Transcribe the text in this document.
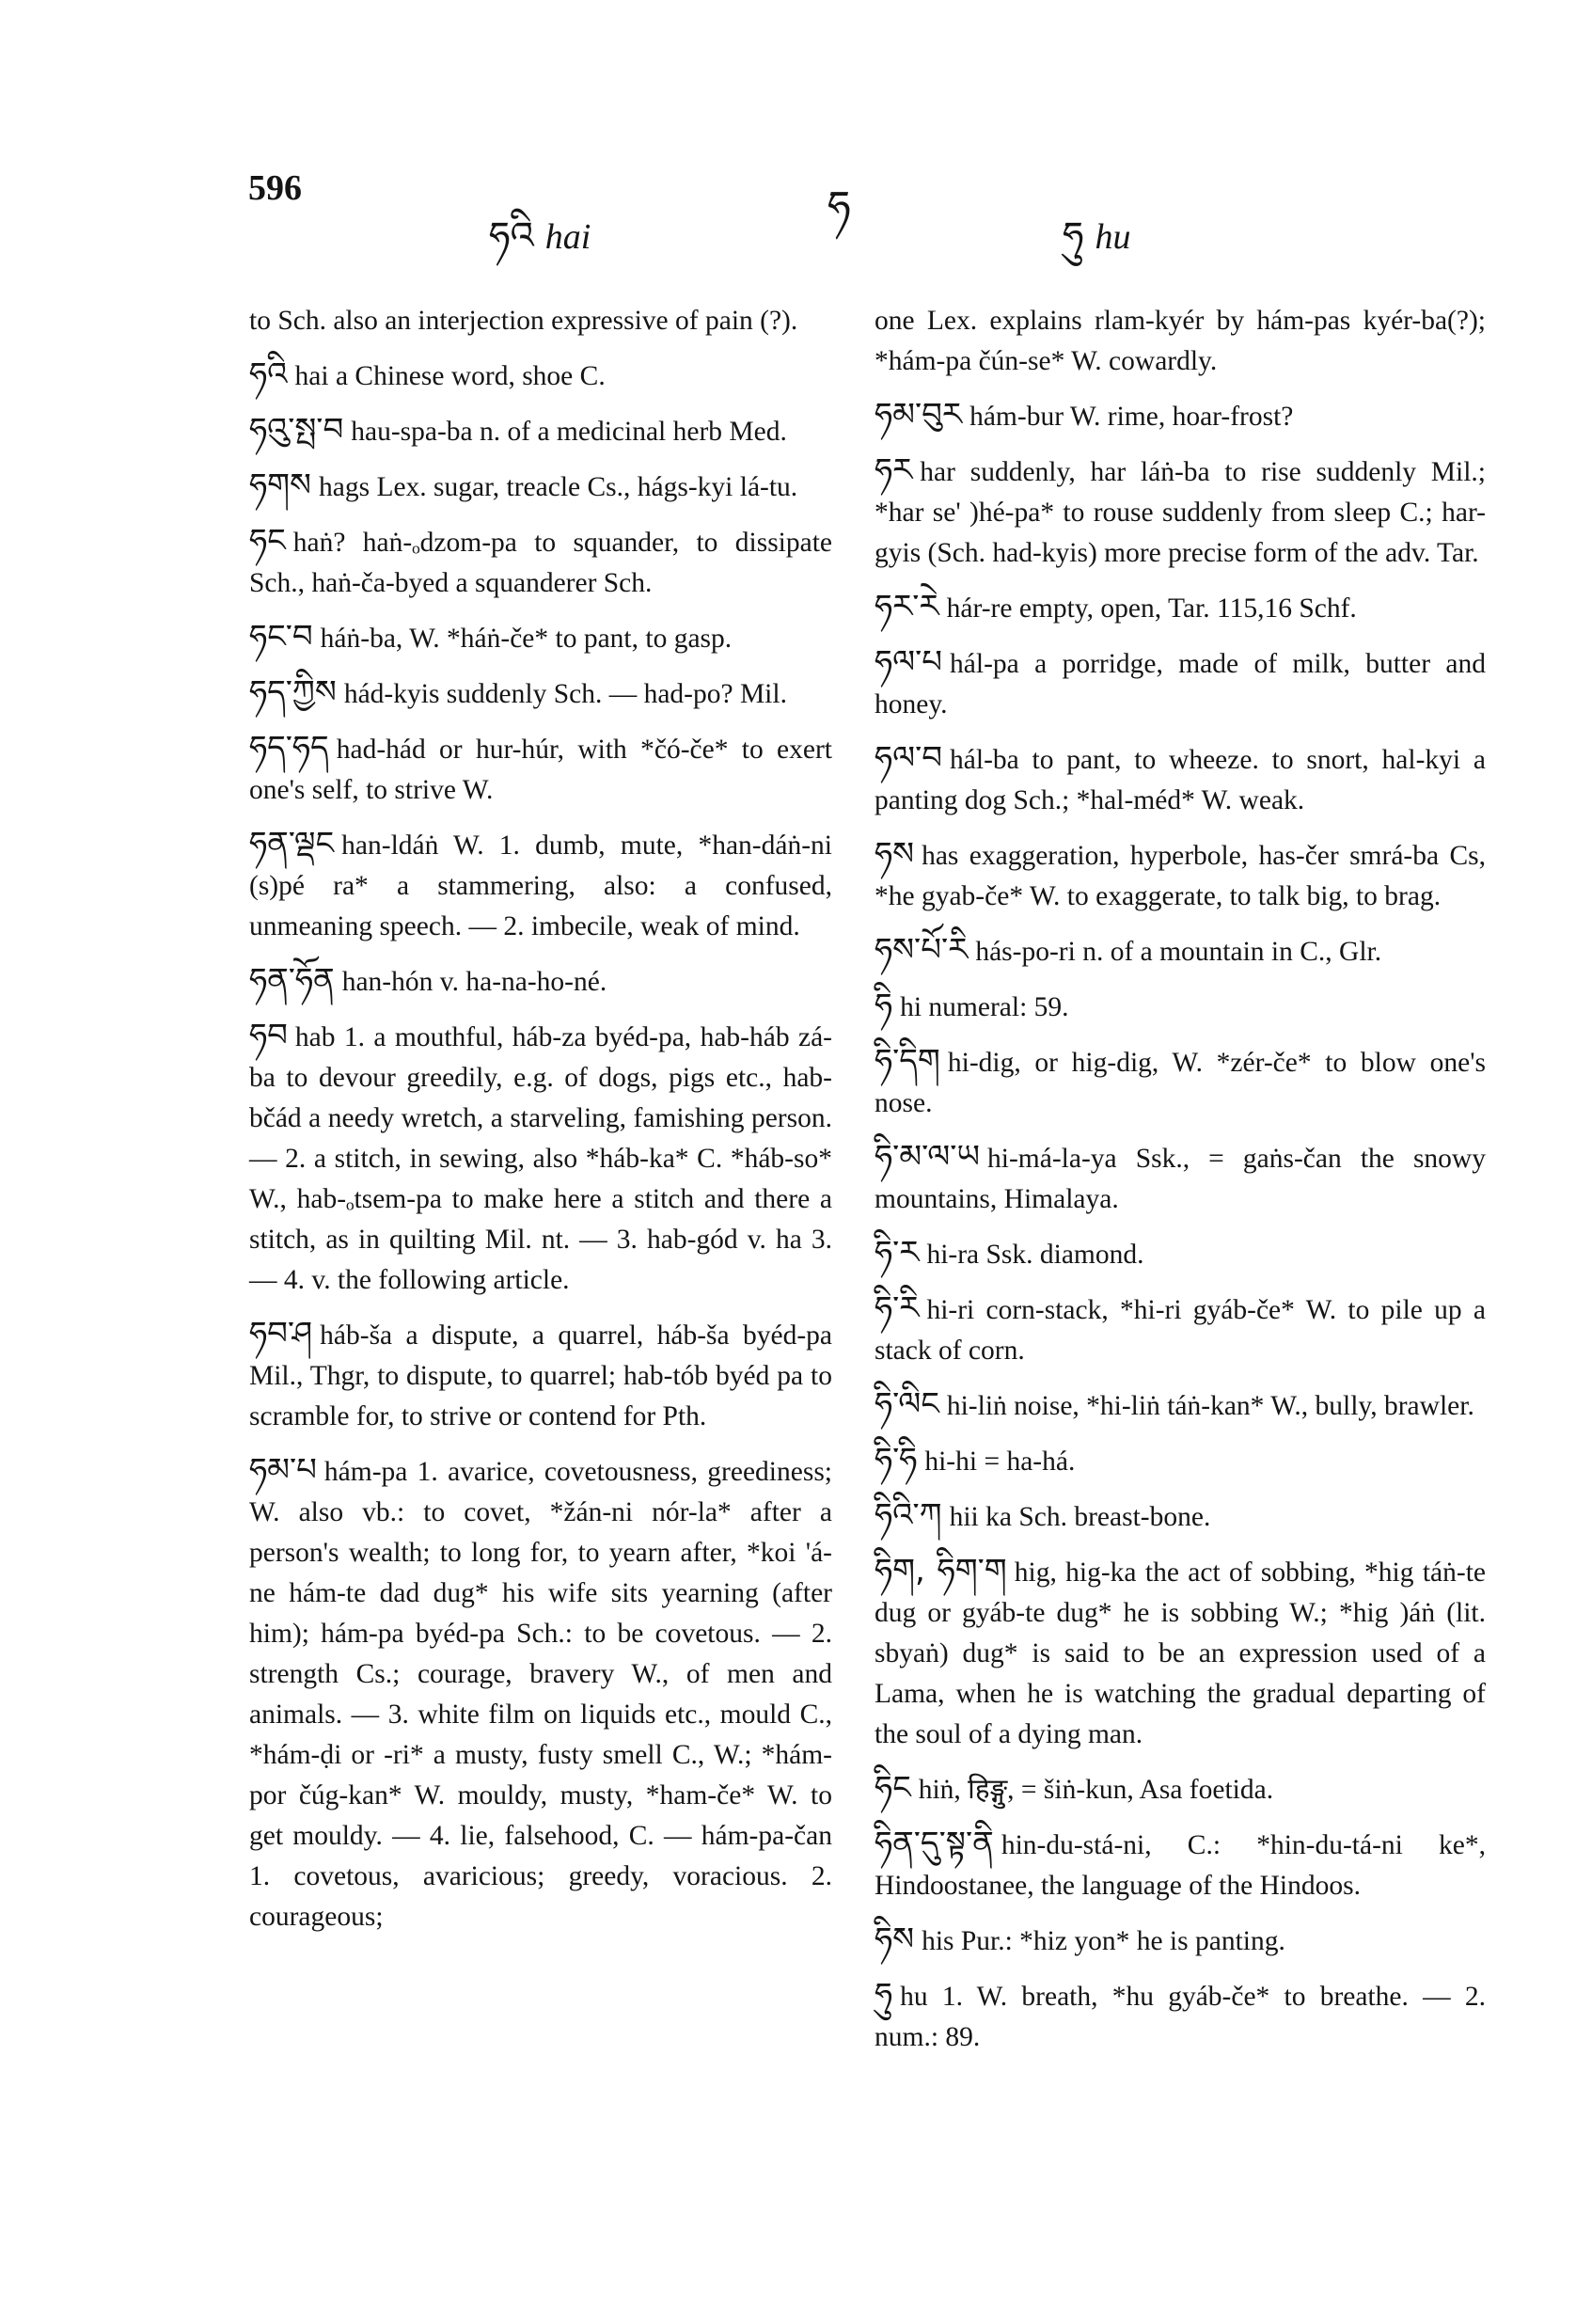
596
ཧའི hai
ཧ
ཧུ hu

to Sch. also an interjection expressive of pain (?).

ཧའི hai a Chinese word, shoe C.

ཧའུ་སྤ་བ hau-spa-ba n. of a medicinal herb Med.

ཧགས hags Lex. sugar, treacle Cs., hágs-kyi lá-tu.

ཧང haṅ? haṅ-ₒdzom-pa to squander, to dissipate Sch., haṅ-ča-byed a squanderer Sch.

ཧང་བ háṅ-ba, W. *háṅ-če* to pant, to gasp.

ཧད་ཀྱིས hád-kyis suddenly Sch. — had-po? Mil.

ཧད་ཧད had-hád or hur-húr, with *čó-če* to exert one's self, to strive W.

ཧན་ལྡང han-ldáṅ W. 1. dumb, mute, *han-dáṅ-ni (s)pé ra* a stammering, also: a confused, unmeaning speech. — 2. imbecile, weak of mind.

ཧན་ཧོན han-hón v. ha-na-ho-né.

ཧབ hab 1. a mouthful, háb-za byéd-pa, hab-háb zá-ba to devour greedily, e.g. of dogs, pigs etc., hab-bčád a needy wretch, a starveling, famishing person. — 2. a stitch, in sewing, also *háb-ka* C. *háb-so* W., hab-ₒtsem-pa to make here a stitch and there a stitch, as in quilting Mil. nt. — 3. hab-gód v. ha 3. — 4. v. the following article.

ཧབ་ཤ háb-ša a dispute, a quarrel, háb-ša byéd-pa Mil., Thgr, to dispute, to quarrel; hab-tób byéd pa to scramble for, to strive or contend for Pth.

ཧམ་པ hám-pa 1. avarice, covetousness, greediness; W. also vb.: to covet, *žán-ni nór-la* after a person's wealth; to long for, to yearn after, *koi 'á-ne hám-te dad dug* his wife sits yearning (after him); hám-pa byéd-pa Sch.: to be covetous. — 2. strength Cs.; courage, bravery W., of men and animals. — 3. white film on liquids etc., mould C., *hám-ḍi or -ri* a musty, fusty smell C., W.; *hám-por čúg-kan* W. mouldy, musty, *ham-če* W. to get mouldy. — 4. lie, falsehood, C. — hám-pa-čan 1. covetous, avaricious; greedy, voracious. 2. courageous;

one Lex. explains rlam-kyér by hám-pas kyér-ba(?); *hám-pa čún-se* W. cowardly.

ཧམ་བུར hám-bur W. rime, hoar-frost?

ཧར har suddenly, har láṅ-ba to rise suddenly Mil.; *har se' )hé-pa* to rouse suddenly from sleep C.; har-gyis (Sch. had-kyis) more precise form of the adv. Tar.

ཧར་རེ hár-re empty, open, Tar. 115,16 Schf.

ཧལ་པ hál-pa a porridge, made of milk, butter and honey.

ཧལ་བ hál-ba to pant, to wheeze. to snort, hal-kyi a panting dog Sch.; *hal-méd* W. weak.

ཧས has exaggeration, hyperbole, has-čer smrá-ba Cs, *he gyab-če* W. to exaggerate, to talk big, to brag.

ཧས་པོ་རི hás-po-ri n. of a mountain in C., Glr.

ཧི hi numeral: 59.

ཧི་དིག hi-dig, or hig-dig, W. *zér-če* to blow one's nose.

ཧི་མ་ལ་ཡ hi-má-la-ya Ssk., = gaṅs-čan the snowy mountains, Himalaya.

ཧི་ར hi-ra Ssk. diamond.

ཧི་རི hi-ri corn-stack, *hi-ri gyáb-če* W. to pile up a stack of corn.

ཧི་ལིང hi-liṅ noise, *hi-liṅ táṅ-kan* W., bully, brawler.

ཧི་ཧི hi-hi = ha-há.

ཧིའི་ཀ hii ka Sch. breast-bone.

ཧིག, ཧིག་ག hig, hig-ka the act of sobbing, *hig táṅ-te dug or gyáb-te dug* he is sobbing W.; *hig )áṅ (lit. sbyaṅ) dug* is said to be an expression used of a Lama, when he is watching the gradual departing of the soul of a dying man.

ཧིང hiṅ, हिङ्गु, = šiṅ-kun, Asa foetida.

ཧིན་དུ་སྟ་ནི hin-du-stá-ni, C.: *hin-du-tá-ni ke*, Hindoostanee, the language of the Hindoos.

ཧིས his Pur.: *hiz yon* he is panting.

ཧུ hu 1. W. breath, *hu gyáb-če* to breathe. — 2. num.: 89.
